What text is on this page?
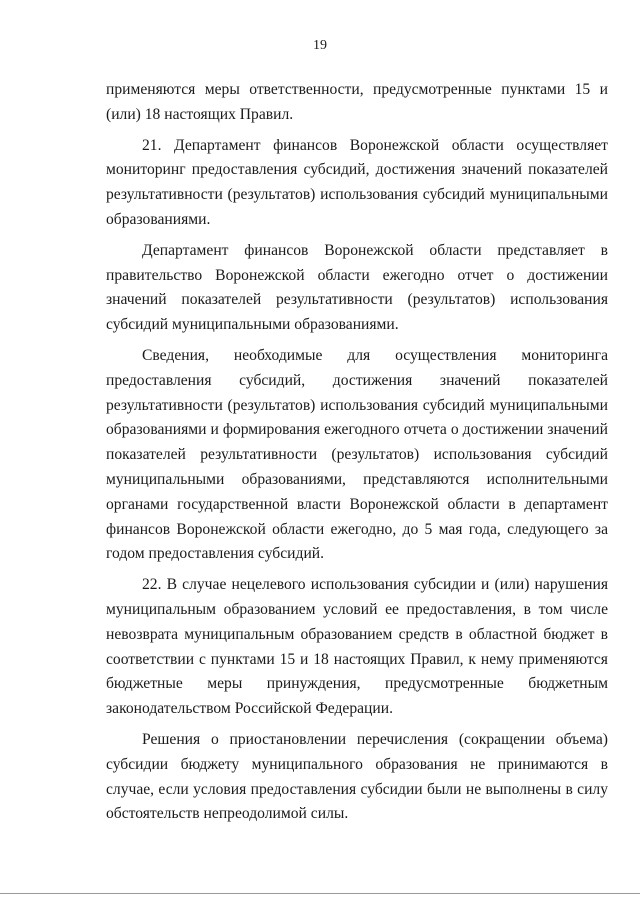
19

применяются меры ответственности, предусмотренные пунктами 15 и (или) 18 настоящих Правил.

21. Департамент финансов Воронежской области осуществляет мониторинг предоставления субсидий, достижения значений показателей результативности (результатов) использования субсидий муниципальными образованиями.

Департамент финансов Воронежской области представляет в правительство Воронежской области ежегодно отчет о достижении значений показателей результативности (результатов) использования субсидий муниципальными образованиями.

Сведения, необходимые для осуществления мониторинга предоставления субсидий, достижения значений показателей результативности (результатов) использования субсидий муниципальными образованиями и формирования ежегодного отчета о достижении значений показателей результативности (результатов) использования субсидий муниципальными образованиями, представляются исполнительными органами государственной власти Воронежской области в департамент финансов Воронежской области ежегодно, до 5 мая года, следующего за годом предоставления субсидий.

22. В случае нецелевого использования субсидии и (или) нарушения муниципальным образованием условий ее предоставления, в том числе невозврата муниципальным образованием средств в областной бюджет в соответствии с пунктами 15 и 18 настоящих Правил, к нему применяются бюджетные меры принуждения, предусмотренные бюджетным законодательством Российской Федерации.

Решения о приостановлении перечисления (сокращении объема) субсидии бюджету муниципального образования не принимаются в случае, если условия предоставления субсидии были не выполнены в силу обстоятельств непреодолимой силы.
